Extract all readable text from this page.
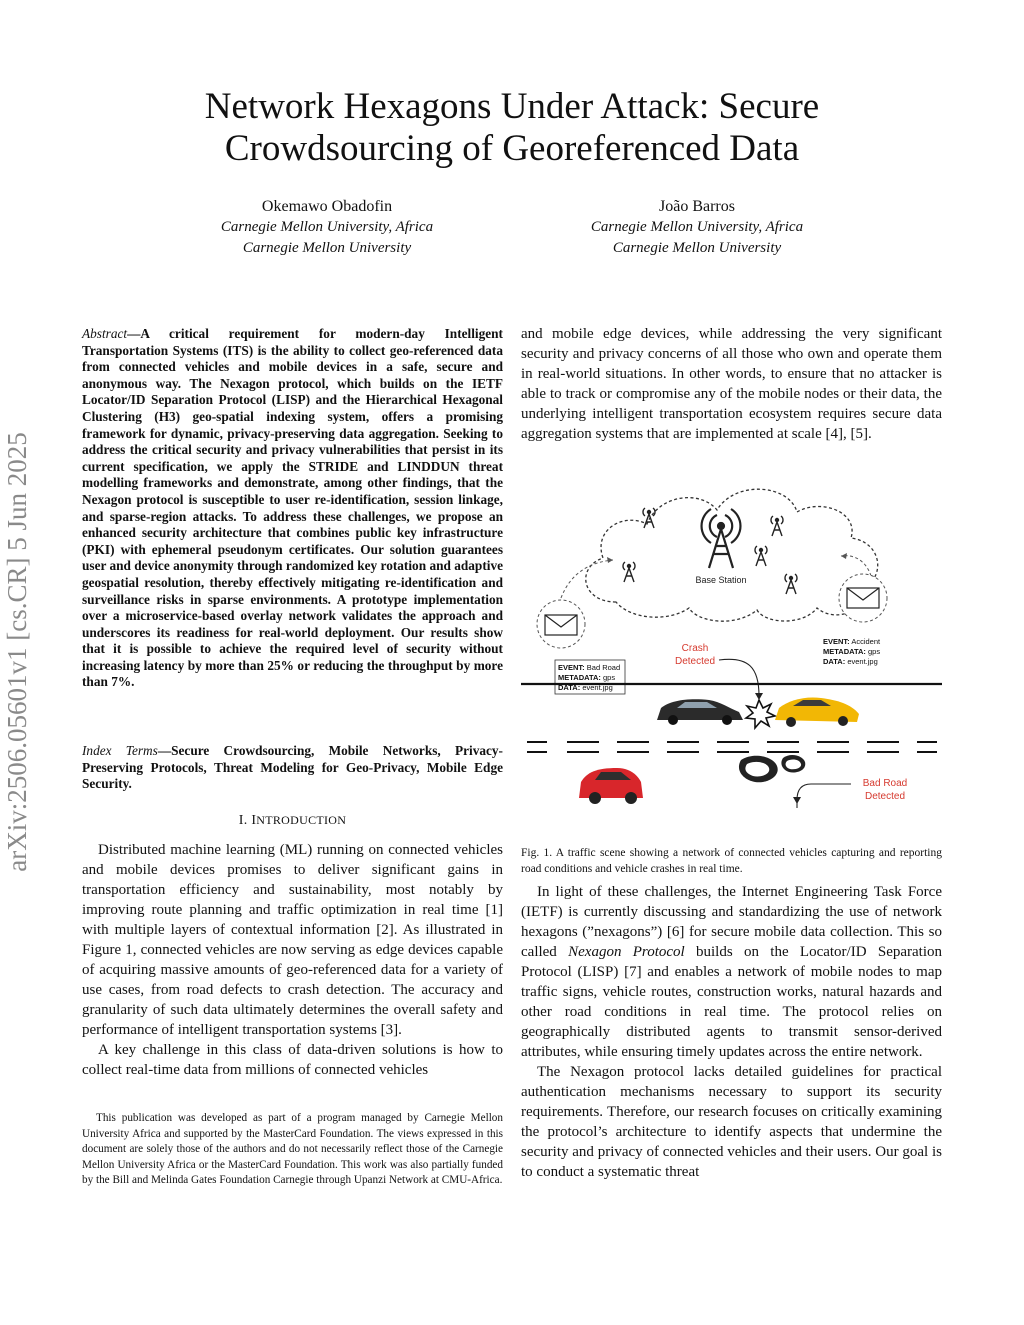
arXiv:2506.05601v1 [cs.CR] 5 Jun 2025
Network Hexagons Under Attack: Secure Crowdsourcing of Georeferenced Data
Okemawo Obadofin
Carnegie Mellon University, Africa
Carnegie Mellon University
João Barros
Carnegie Mellon University, Africa
Carnegie Mellon University
Abstract—A critical requirement for modern-day Intelligent Transportation Systems (ITS) is the ability to collect geo-referenced data from connected vehicles and mobile devices in a safe, secure and anonymous way. The Nexagon protocol, which builds on the IETF Locator/ID Separation Protocol (LISP) and the Hierarchical Hexagonal Clustering (H3) geo-spatial indexing system, offers a promising framework for dynamic, privacy-preserving data aggregation. Seeking to address the critical security and privacy vulnerabilities that persist in its current specification, we apply the STRIDE and LINDDUN threat modelling frameworks and demonstrate, among other findings, that the Nexagon protocol is susceptible to user re-identification, session linkage, and sparse-region attacks. To address these challenges, we propose an enhanced security architecture that combines public key infrastructure (PKI) with ephemeral pseudonym certificates. Our solution guarantees user and device anonymity through randomized key rotation and adaptive geospatial resolution, thereby effectively mitigating re-identification and surveillance risks in sparse environments. A prototype implementation over a microservice-based overlay network validates the approach and underscores its readiness for real-world deployment. Our results show that it is possible to achieve the required level of security without increasing latency by more than 25% or reducing the throughput by more than 7%.
Index Terms—Secure Crowdsourcing, Mobile Networks, Privacy-Preserving Protocols, Threat Modeling for Geo-Privacy, Mobile Edge Security.
I. INTRODUCTION

Distributed machine learning (ML) running on connected vehicles and mobile devices promises to deliver significant gains in transportation efficiency and sustainability, most notably by improving route planning and traffic optimization in real time [1] with multiple layers of contextual information [2]. As illustrated in Figure 1, connected vehicles are now serving as edge devices capable of acquiring massive amounts of geo-referenced data for a variety of use cases, from road defects to crash detection. The accuracy and granularity of such data ultimately determines the overall safety and performance of intelligent transportation systems [3].

A key challenge in this class of data-driven solutions is how to collect real-time data from millions of connected vehicles

This publication was developed as part of a program managed by Carnegie Mellon University Africa and supported by the MasterCard Foundation. The views expressed in this document are solely those of the authors and do not necessarily reflect those of the Carnegie Mellon University Africa or the MasterCard Foundation. This work was also partially funded by the Bill and Melinda Gates Foundation Carnegie through Upanzi Network at CMU-Africa.

and mobile edge devices, while addressing the very significant security and privacy concerns of all those who own and operate them in real-world situations. In other words, to ensure that no attacker is able to track or compromise any of the mobile nodes or their data, the underlying intelligent transportation ecosystem requires secure data aggregation systems that are implemented at scale [4], [5].

Base Station
EVENT: Bad Road
METADATA: gps
DATA: event.jpg
EVENT: Accident
METADATA: gps
DATA: event.jpg
Crash
Detected
Bad Road
Detected
Fig. 1. A traffic scene showing a network of connected vehicles capturing and reporting road conditions and vehicle crashes in real time.

In light of these challenges, the Internet Engineering Task Force (IETF) is currently discussing and standardizing the use of network hexagons (”nexagons”) [6] for secure mobile data collection. This so called Nexagon Protocol builds on the Locator/ID Separation Protocol (LISP) [7] and enables a network of mobile nodes to map traffic signs, vehicle routes, construction works, natural hazards and other road conditions in real time. The protocol relies on geographically distributed agents to transmit sensor-derived attributes, while ensuring timely updates across the entire network.

The Nexagon protocol lacks detailed guidelines for practical authentication mechanisms necessary to support its security requirements. Therefore, our research focuses on critically examining the protocol’s architecture to identify aspects that undermine the security and privacy of connected vehicles and their users. Our goal is to conduct a systematic threat
